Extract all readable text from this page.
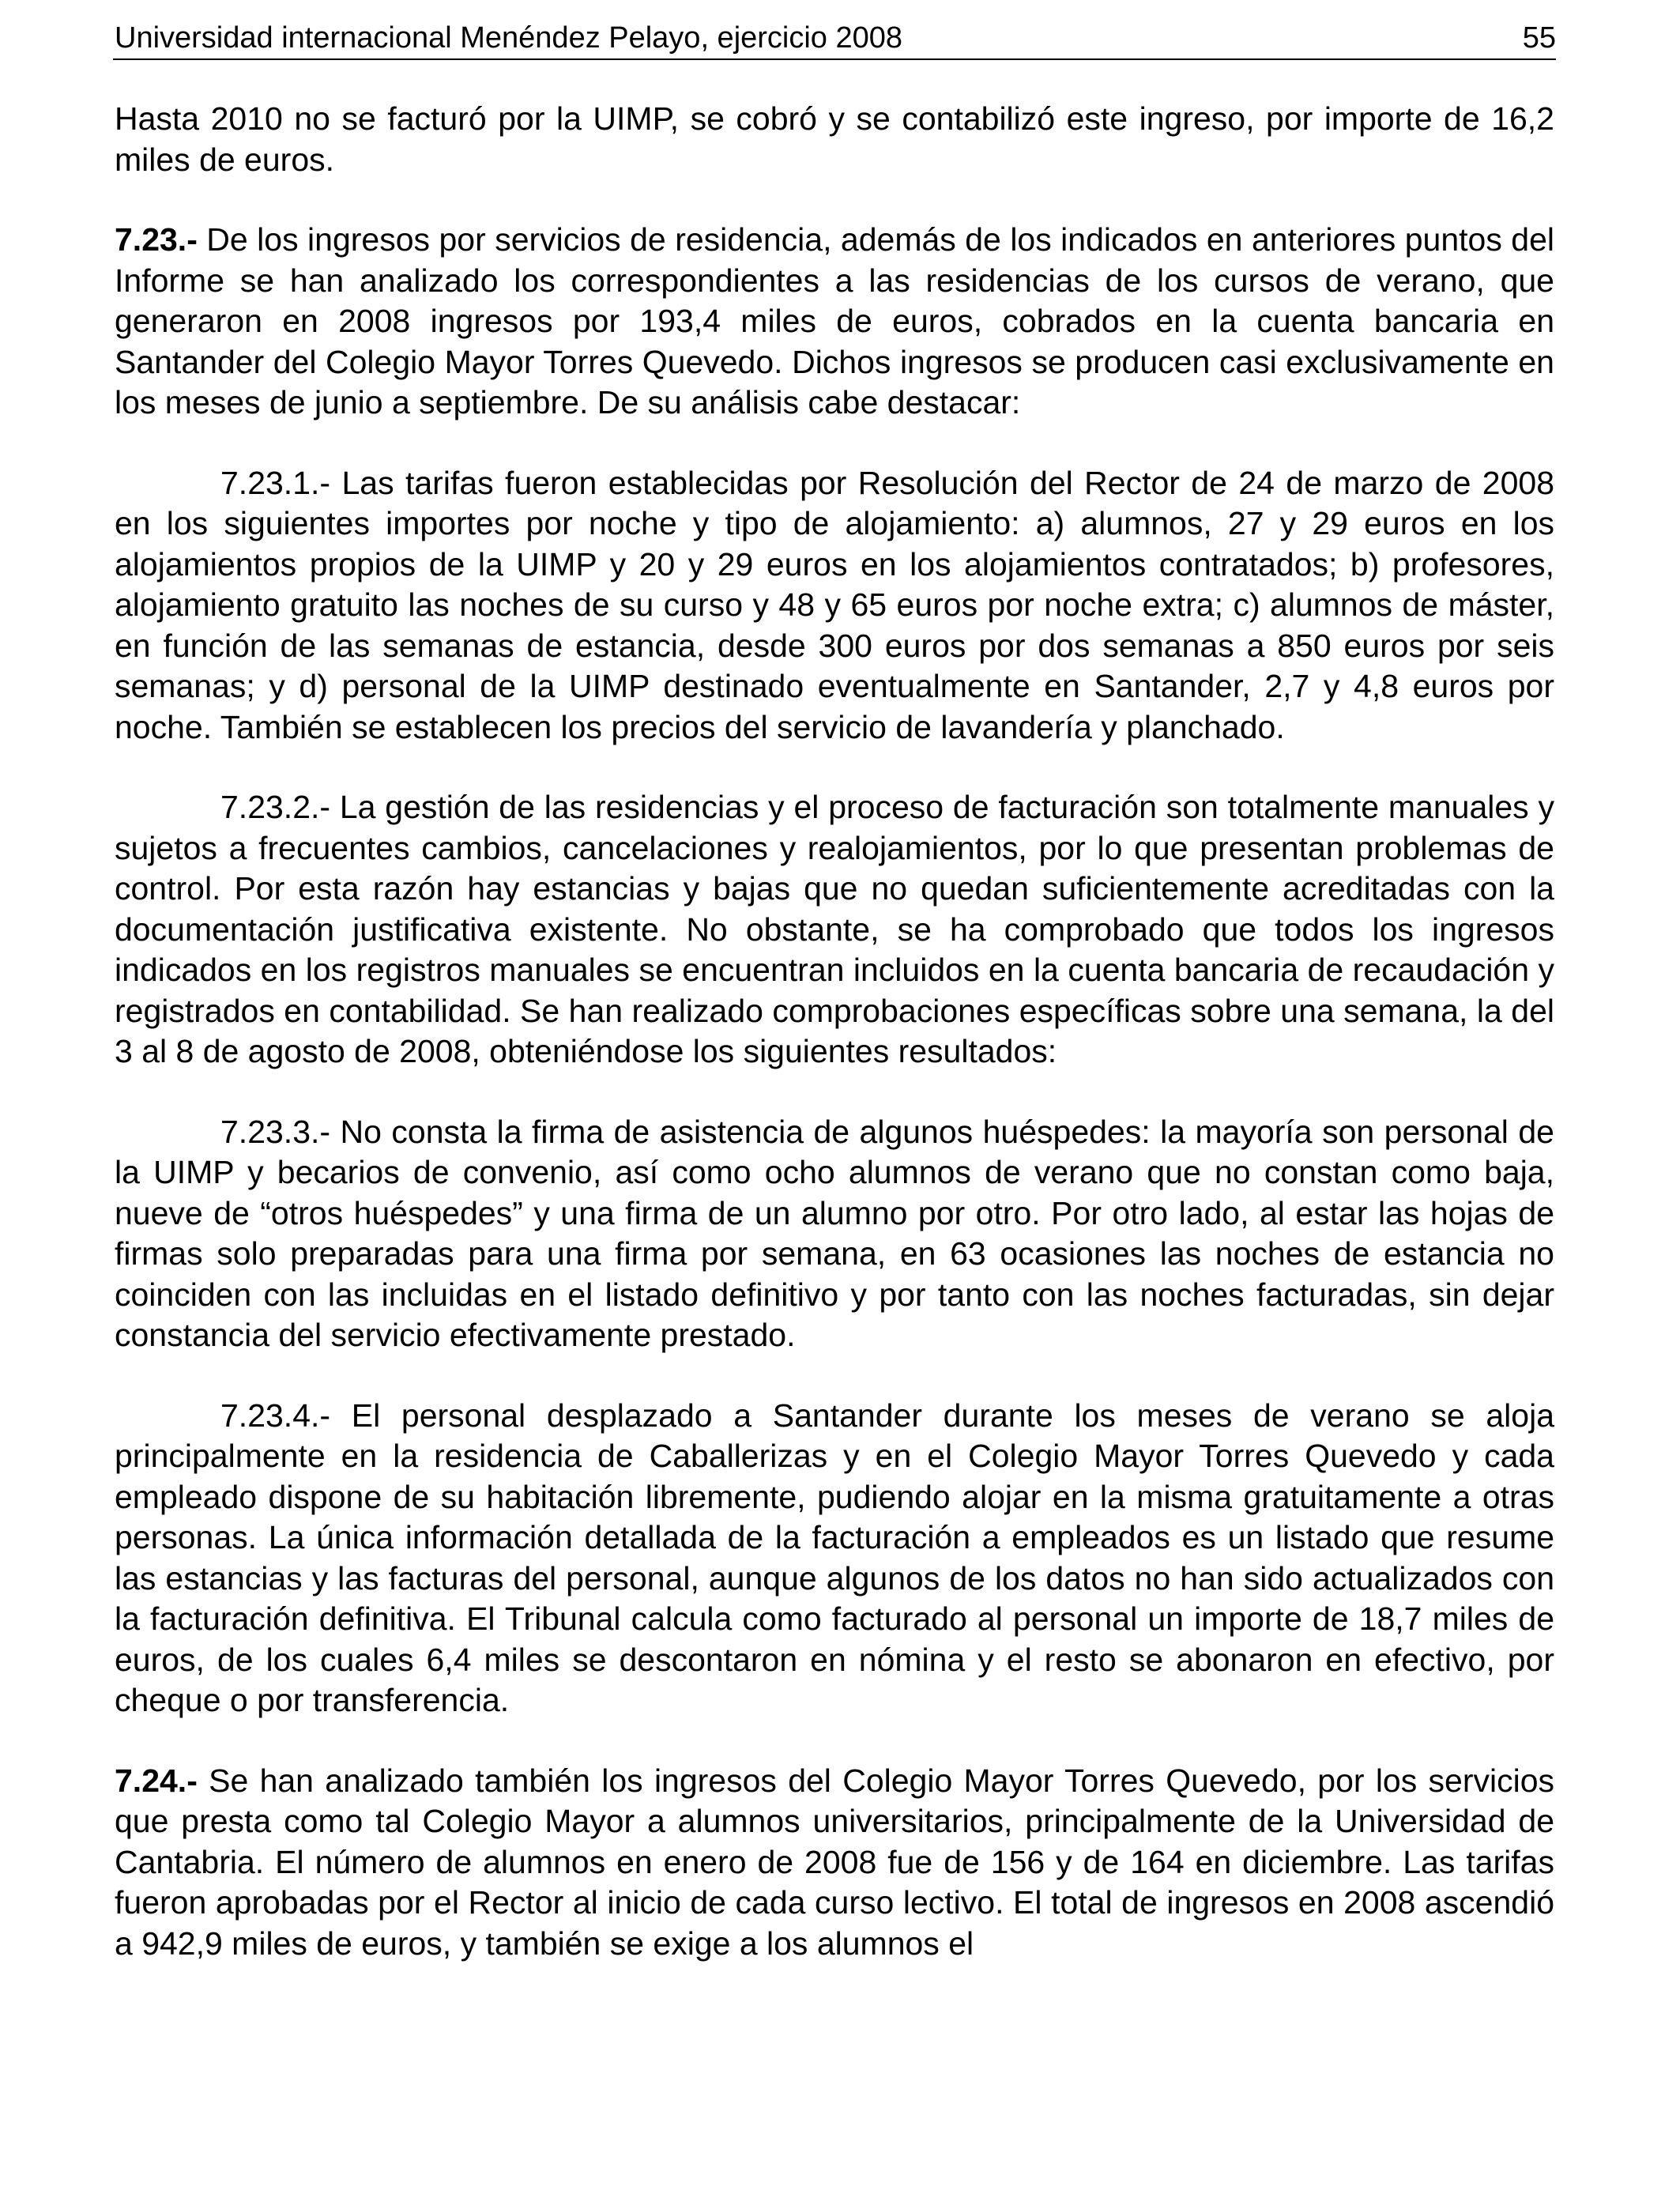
Universidad internacional Menéndez Pelayo, ejercicio 2008	55

Hasta 2010 no se facturó por la UIMP, se cobró y se contabilizó este ingreso, por importe de 16,2 miles de euros.

7.23.- De los ingresos por servicios de residencia, además de los indicados en anteriores puntos del Informe se han analizado los correspondientes a las residencias de los cursos de verano, que generaron en 2008 ingresos por 193,4 miles de euros, cobrados en la cuenta bancaria en Santander del Colegio Mayor Torres Quevedo. Dichos ingresos se producen casi exclusivamente en los meses de junio a septiembre. De su análisis cabe destacar:

7.23.1.- Las tarifas fueron establecidas por Resolución del Rector de 24 de marzo de 2008 en los siguientes importes por noche y tipo de alojamiento: a) alumnos, 27 y 29 euros en los alojamientos propios de la UIMP y 20 y 29 euros en los alojamientos contratados; b) profesores, alojamiento gratuito las noches de su curso y 48 y 65 euros por noche extra; c) alumnos de máster, en función de las semanas de estancia, desde 300 euros por dos semanas a 850 euros por seis semanas; y d) personal de la UIMP destinado eventualmente en Santander, 2,7 y 4,8 euros por noche. También se establecen los precios del servicio de lavandería y planchado.

7.23.2.- La gestión de las residencias y el proceso de facturación son totalmente manuales y sujetos a frecuentes cambios, cancelaciones y realojamientos, por lo que presentan problemas de control. Por esta razón hay estancias y bajas que no quedan suficientemente acreditadas con la documentación justificativa existente. No obstante, se ha comprobado que todos los ingresos indicados en los registros manuales se encuentran incluidos en la cuenta bancaria de recaudación y registrados en contabilidad. Se han realizado comprobaciones específicas sobre una semana, la del 3 al 8 de agosto de 2008, obteniéndose los siguientes resultados:

7.23.3.- No consta la firma de asistencia de algunos huéspedes: la mayoría son personal de la UIMP y becarios de convenio, así como ocho alumnos de verano que no constan como baja, nueve de “otros huéspedes” y una firma de un alumno por otro. Por otro lado, al estar las hojas de firmas solo preparadas para una firma por semana, en 63 ocasiones las noches de estancia no coinciden con las incluidas en el listado definitivo y por tanto con las noches facturadas, sin dejar constancia del servicio efectivamente prestado.

7.23.4.- El personal desplazado a Santander durante los meses de verano se aloja principalmente en la residencia de Caballerizas y en el Colegio Mayor Torres Quevedo y cada empleado dispone de su habitación libremente, pudiendo alojar en la misma gratuitamente a otras personas. La única información detallada de la facturación a empleados es un listado que resume las estancias y las facturas del personal, aunque algunos de los datos no han sido actualizados con la facturación definitiva. El Tribunal calcula como facturado al personal un importe de 18,7 miles de euros, de los cuales 6,4 miles se descontaron en nómina y el resto se abonaron en efectivo, por cheque o por transferencia.

7.24.- Se han analizado también los ingresos del Colegio Mayor Torres Quevedo, por los servicios que presta como tal Colegio Mayor a alumnos universitarios, principalmente de la Universidad de Cantabria. El número de alumnos en enero de 2008 fue de 156 y de 164 en diciembre. Las tarifas fueron aprobadas por el Rector al inicio de cada curso lectivo. El total de ingresos en 2008 ascendió a 942,9 miles de euros, y también se exige a los alumnos el
